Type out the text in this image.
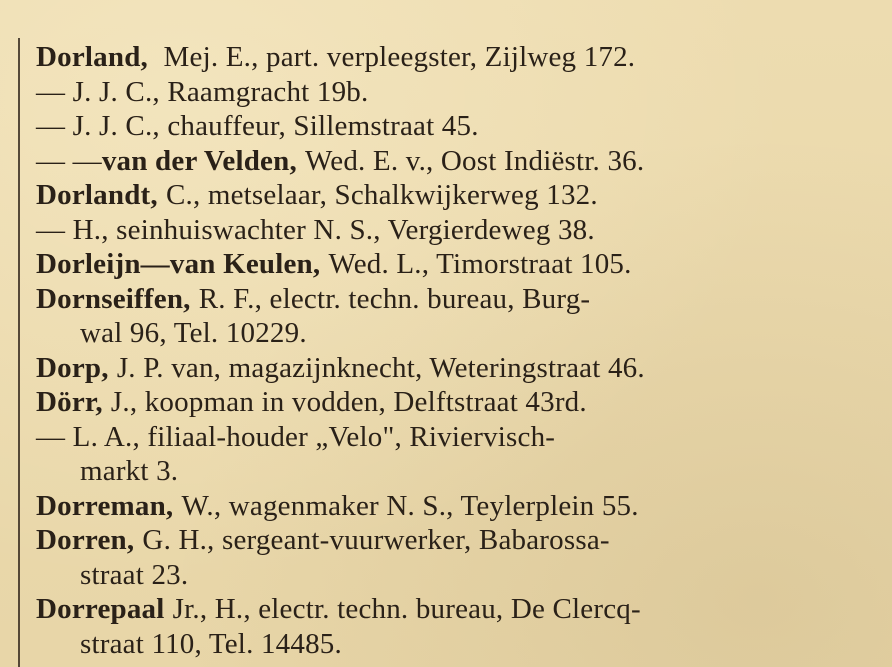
Dorland, Mej. E., part. verpleegster, Zijlweg 172.
— J. J. C., Raamgracht 19b.
— J. J. C., chauffeur, Sillemstraat 45.
— — van der Velden, Wed. E. v., Oost Indiëstr. 36.
Dorlandt, C., metselaar, Schalkwijkerweg 132.
— H., seinhuiswachter N. S., Vergierdeweg 38.
Dorleijn—van Keulen, Wed. L., Timorstraat 105.
Dornseiffen, R. F., electr. techn. bureau, Burg-
wal 96, Tel. 10229.
Dorp, J. P. van, magazijnknecht, Weteringstraat 46.
Dörr, J., koopman in vodden, Delftstraat 43rd.
— L. A., filiaal-houder „Velo", Riviervisch-
markt 3.
Dorreman, W., wagenmaker N. S., Teylerplein 55.
Dorren, G. H., sergeant-vuurwerker, Babarossa-
straat 23.
Dorrepaal Jr., H., electr. techn. bureau, De Clercq-
straat 110, Tel. 14485.
